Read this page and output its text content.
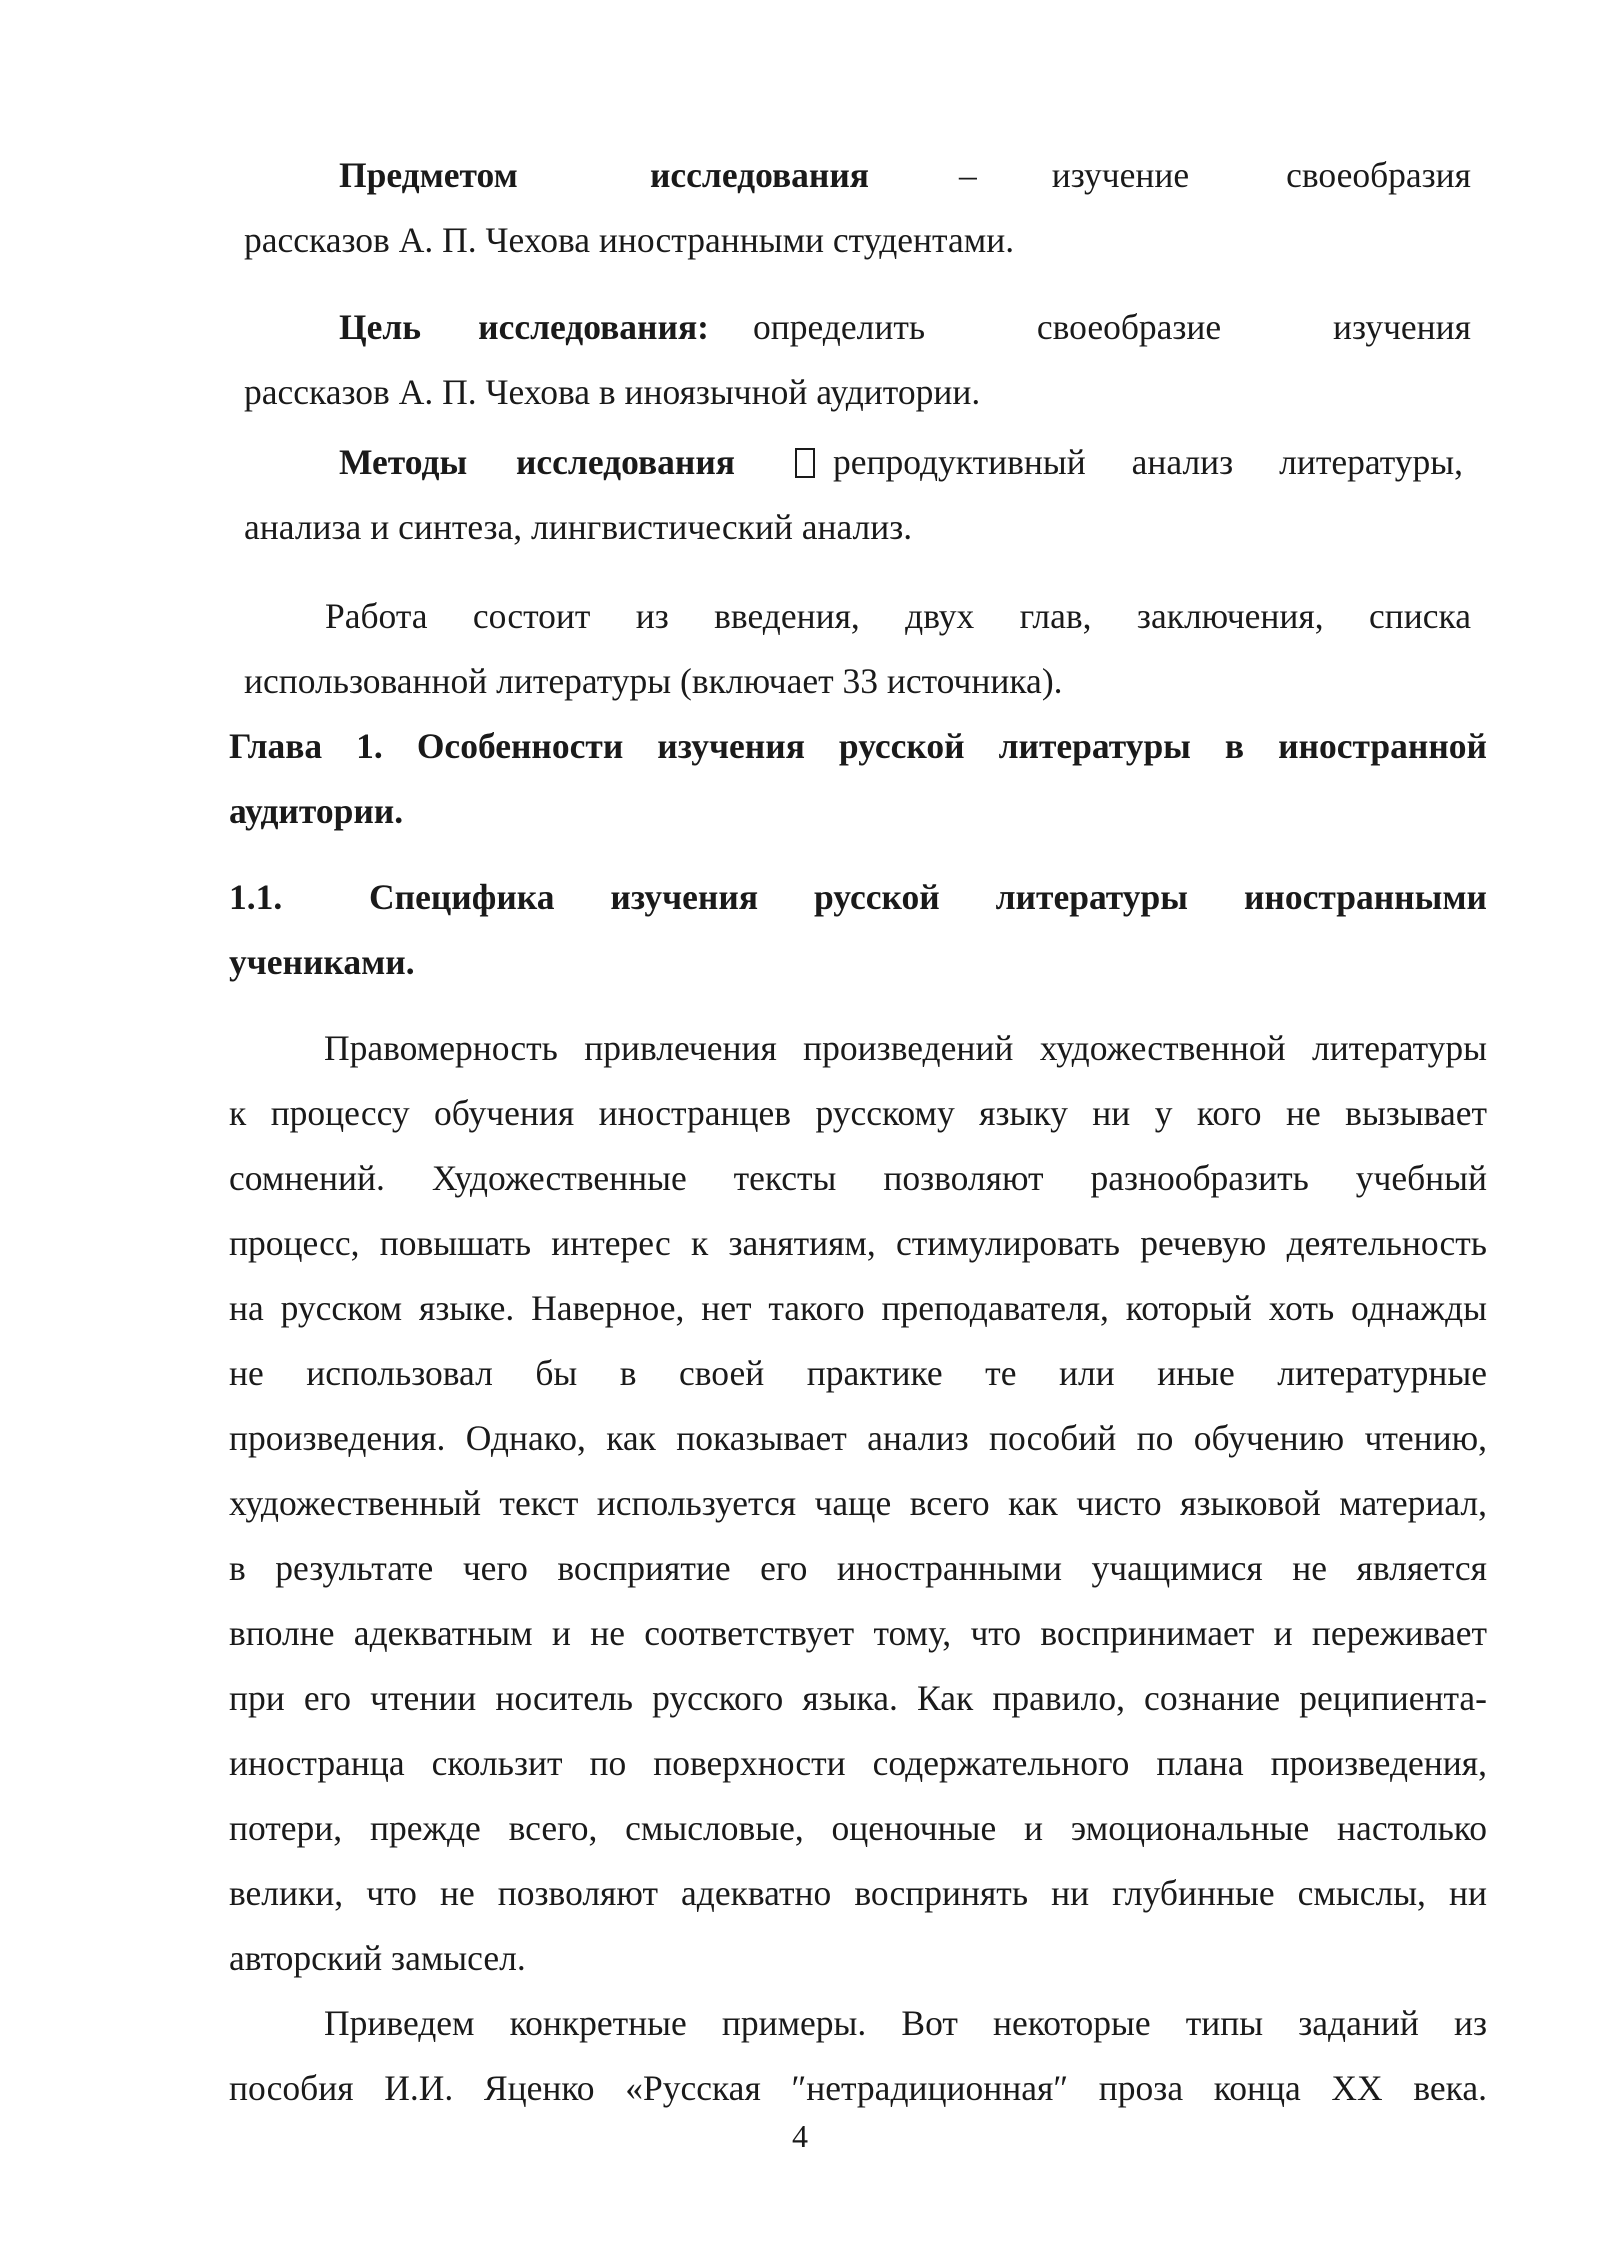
Предметом исследования	– изучение своеобразия
рассказов А. П. Чехова иностранными студентами.
Цель исследования: определить своеобразие изучения
рассказов А. П. Чехова в иноязычной аудитории.
Методы исследования	репродуктивный анализ литературы,
анализа и синтеза, лингвистический анализ.
Работа состоит из введения, двух глав, заключения, списка
использованной литературы (включает 33 источника).
Глава 1. Особенности изучения русской литературы в иностранной
аудитории.
1.1.	Специфика изучения русской литературы иностранными
учениками.
Правомерность привлечения произведений художественной литературы
к процессу обучения иностранцев русскому языку ни у кого не вызывает
сомнений. Художественные тексты позволяют разнообразить учебный
процесс, повышать интерес к занятиям, стимулировать речевую деятельность
на русском языке. Наверное, нет такого преподавателя, который хоть однажды
не использовал бы в своей практике те или иные литературные
произведения. Однако, как показывает анализ пособий по обучению чтению,
художественный текст используется чаще всего как чисто языковой материал,
в результате чего восприятие его иностранными учащимися не является
вполне адекватным и не соответствует тому, что воспринимает и переживает
при его чтении носитель русского языка. Как правило, сознание реципиента-
иностранца скользит по поверхности содержательного плана произведения,
потери, прежде всего, смысловые, оценочные и эмоциональные настолько
велики, что не позволяют адекватно воспринять ни глубинные смыслы, ни
авторский замысел.
Приведем конкретные примеры. Вот некоторые типы заданий из
пособия И.И. Яценко «Русская ″нетрадиционная″ проза конца XX века.
4
